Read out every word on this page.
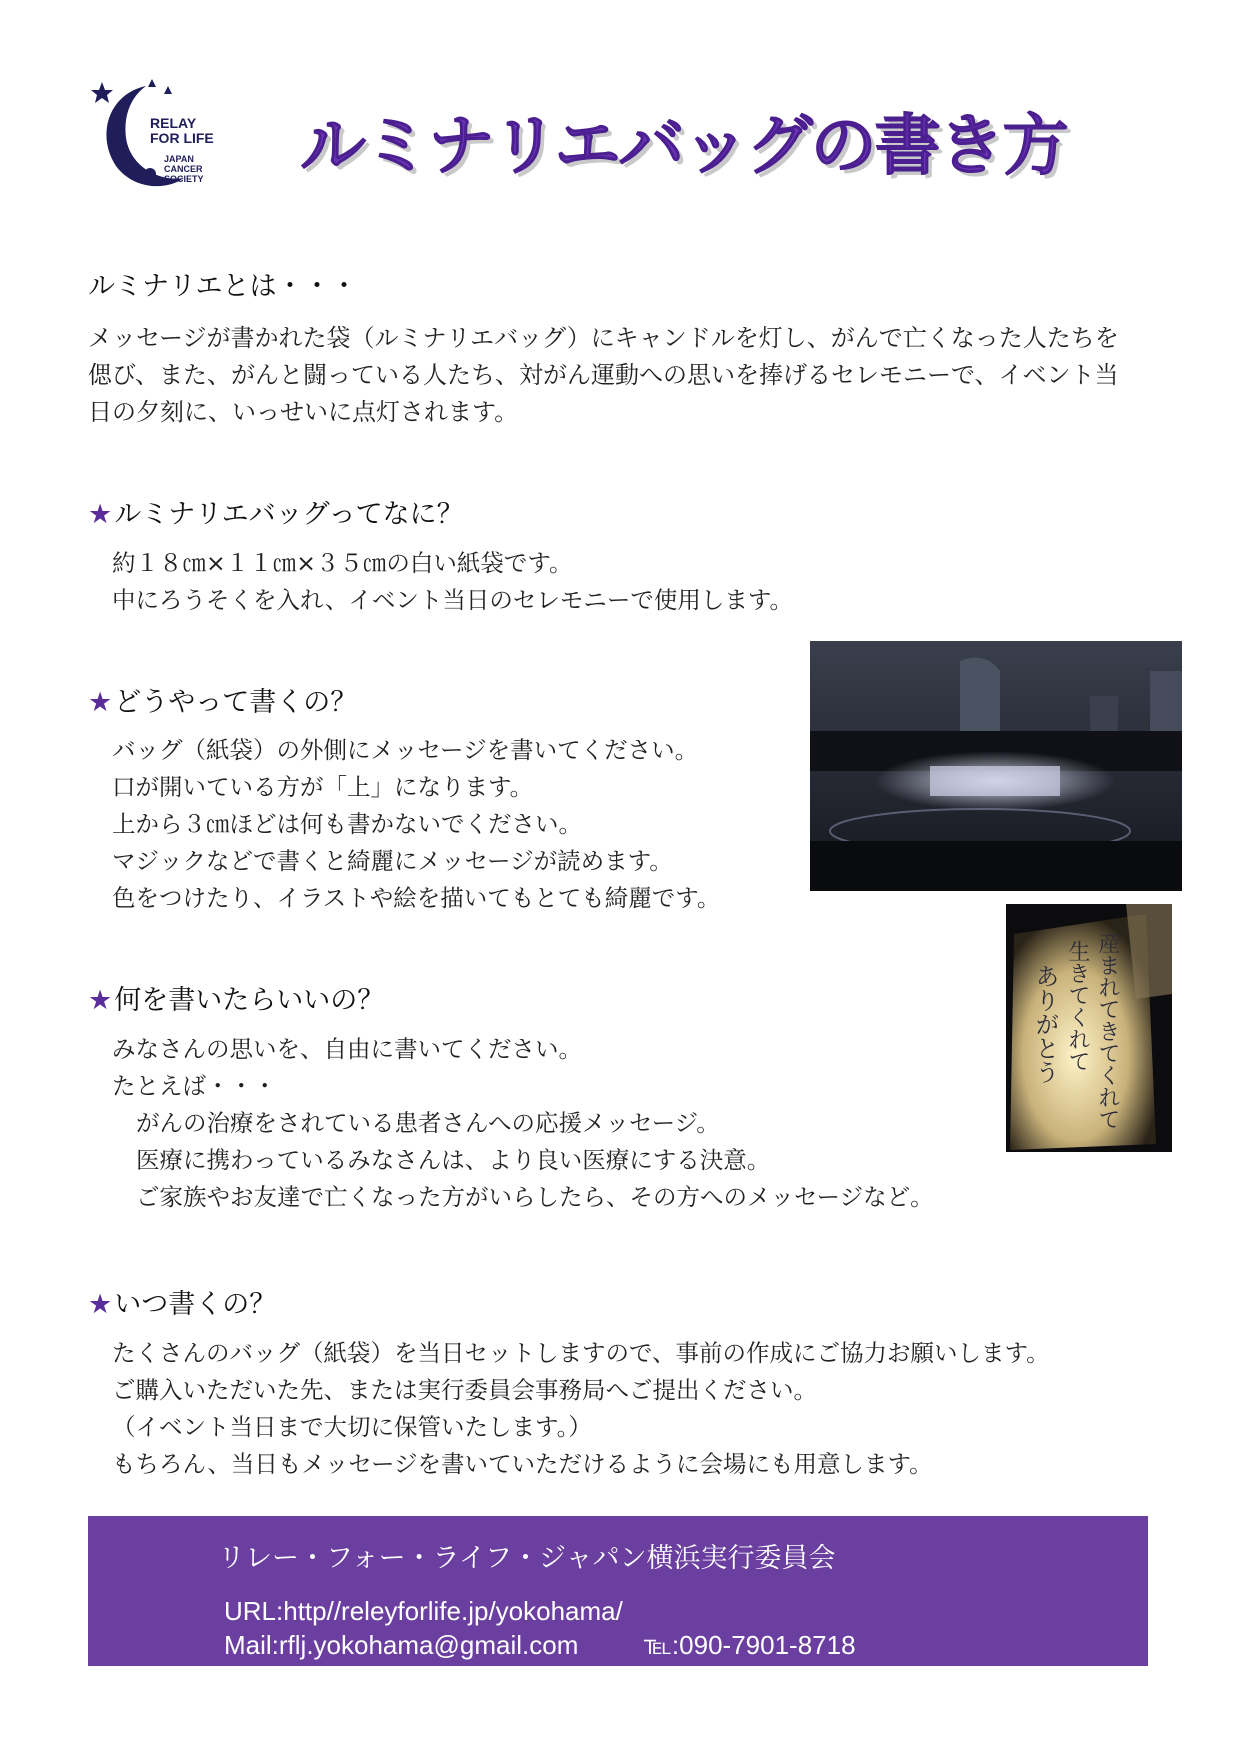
RELAY
FOR LIFE
JAPAN
CANCER
SOCIETY ルミナリエバッグの書き方
ルミナリエとは・・・

メッセージが書かれた袋（ルミナリエバッグ）にキャンドルを灯し、がんで亡くなった人たちを

偲び、また、がんと闘っている人たち、対がん運動への思いを捧げるセレモニーで、イベント当

日の夕刻に、いっせいに点灯されます。

★ルミナリエバッグってなに？
約１８㎝×１１㎝×３５㎝の白い紙袋です。
中にろうそくを入れ、イベント当日のセレモニーで使用します。
★どうやって書くの？
バッグ（紙袋）の外側にメッセージを書いてください。
口が開いている方が「上」になります。
上から３㎝ほどは何も書かないでください。
マジックなどで書くと綺麗にメッセージが読めます。
色をつけたり、イラストや絵を描いてもとても綺麗です。
産まれてきてくれて
生きてくれて
ありがとう
★何を書いたらいいの？
みなさんの思いを、自由に書いてください。
たとえば・・・
がんの治療をされている患者さんへの応援メッセージ。
医療に携わっているみなさんは、より良い医療にする決意。
ご家族やお友達で亡くなった方がいらしたら、その方へのメッセージなど。
★いつ書くの？
たくさんのバッグ（紙袋）を当日セットしますので、事前の作成にご協力お願いします。
ご購入いただいた先、または実行委員会事務局へご提出ください。
（イベント当日まで大切に保管いたします。）
もちろん、当日もメッセージを書いていただけるように会場にも用意します。
リレー・フォー・ライフ・ジャパン横浜実行委員会
URL:http//releyforlife.jp/yokohama/
Mail:rflj.yokohama@gmail.com	℡:090-7901-8718
